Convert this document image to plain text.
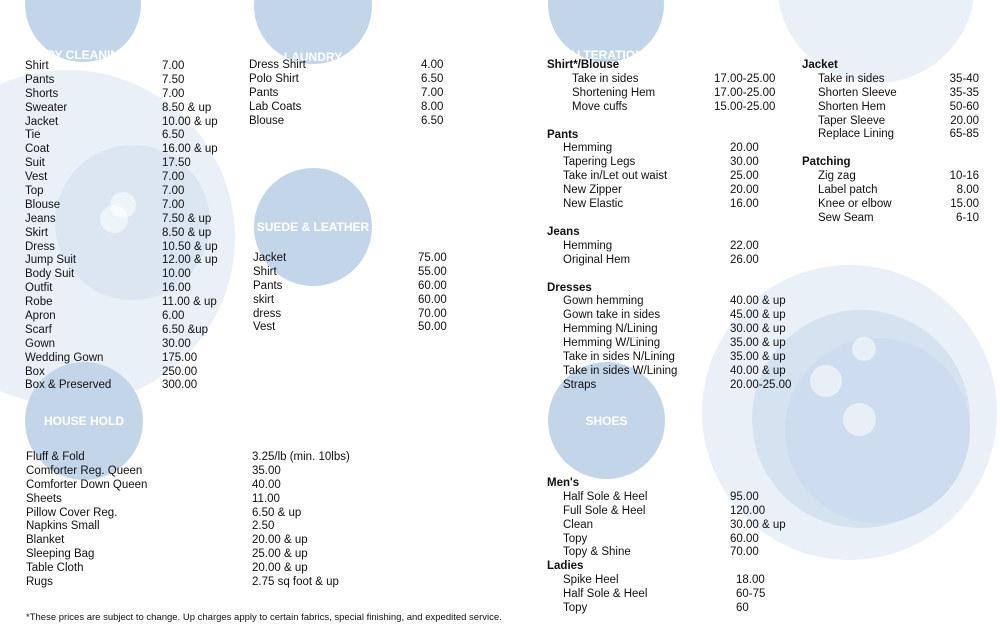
DRY CLEANING	LAUNDRY	ALTERATION
SUEDE & LEATHER
HOUSE HOLD	SHOES
Shirt	7.00
Pants	7.50
Shorts	7.00
Sweater	8.50 & up
Jacket	10.00 & up
Tie	6.50
Coat	16.00 & up
Suit	17.50
Vest	7.00
Top	7.00
Blouse	7.00
Jeans	7.50 & up
Skirt	8.50 & up
Dress	10.50 & up
Jump Suit	12.00 & up
Body Suit	10.00
Outfit	16.00
Robe	11.00 & up
Apron	6.00
Scarf	6.50 &up
Gown	30.00
Wedding Gown	175.00
Box	250.00
Box & Preserved	300.00
Dress Shirt	4.00
Polo Shirt	6.50
Pants	7.00
Lab Coats	8.00
Blouse	6.50
Jacket	75.00
Shirt	55.00
Pants	60.00
skirt	60.00
dress	70.00
Vest	50.00
Fluff & Fold	3.25/lb (min. 10lbs)
Comforter Reg. Queen	35.00
Comforter Down Queen	40.00
Sheets	11.00
Pillow Cover Reg.	6.50 & up
Napkins Small	2.50
Blanket	20.00 & up
Sleeping Bag	25.00 & up
Table Cloth	20.00 & up
Rugs	2.75 sq foot & up
Shirt*/Blouse
Take in sides	17.00-25.00
Shortening Hem	17.00-25.00
Move cuffs	15.00-25.00
Pants
Hemming	20.00
Tapering Legs	30.00
Take in/Let out waist	25.00
New Zipper	20.00
New Elastic	16.00
Jeans
Hemming	22.00
Original Hem	26.00
Dresses
Gown hemming	40.00 & up
Gown take in sides	45.00 & up
Hemming N/Lining	30.00 & up
Hemming W/Lining	35.00 & up
Take in sides N/Lining	35.00 & up
Take in sides W/Lining	40.00 & up
Straps	20.00-25.00
Jacket
Take in sides	35-40
Shorten Sleeve	35-35
Shorten Hem	50-60
Taper Sleeve	20.00
Replace Lining	65-85
Patching
Zig zag	10-16
Label patch	8.00
Knee or elbow	15.00
Sew Seam	6-10
Men's
Half Sole & Heel	95.00
Full Sole & Heel	120.00
Clean	30.00 & up
Topy	60.00
Topy & Shine	70.00
Ladies
Spike Heel	18.00
Half Sole & Heel	60-75
Topy	60
*These prices are subject to change. Up charges apply to certain fabrics, special finishing, and expedited service.
